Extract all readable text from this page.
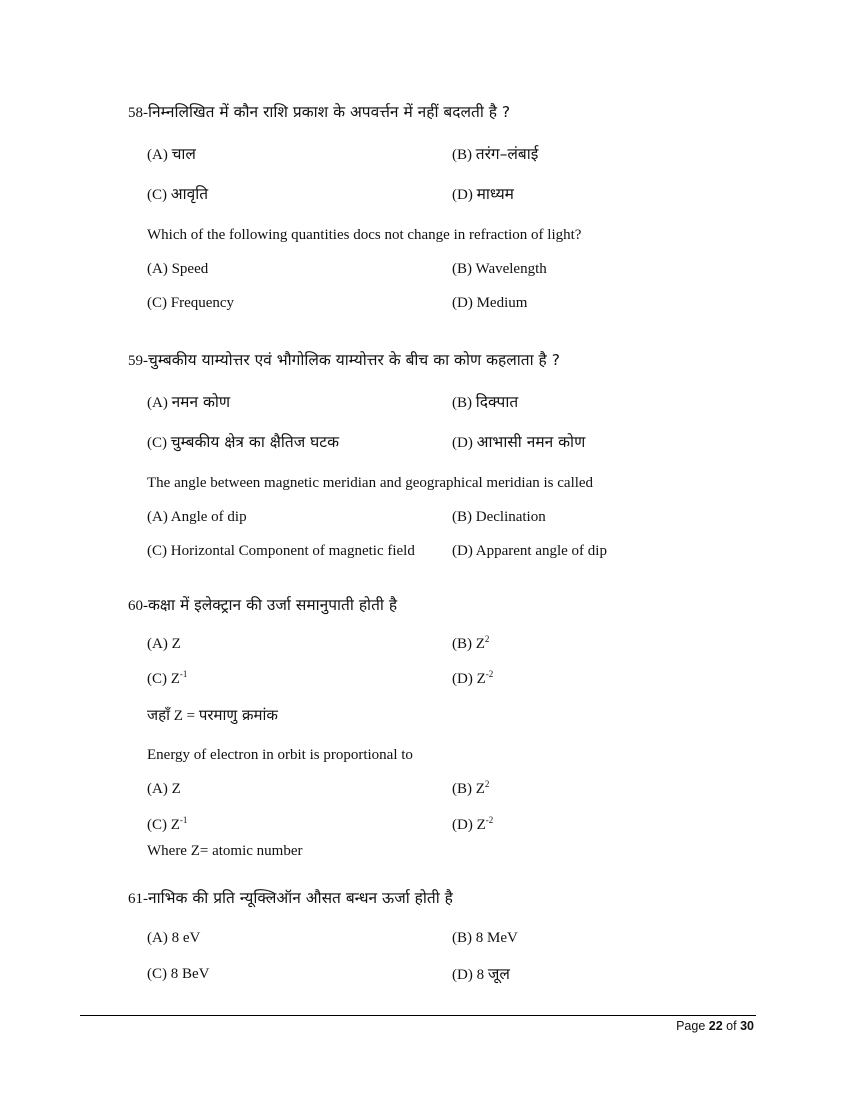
58-निम्नलिखित में कौन राशि प्रकाश के अपवर्त्तन में नहीं बदलती है ?
(A) चाल	(B) तरंग–लंबाई
(C) आवृति	(D) माध्यम
Which of the following quantities docs not change in refraction of light?
(A) Speed	(B) Wavelength
(C) Frequency	(D) Medium
59-चुम्बकीय याम्योत्तर एवं भौगोलिक याम्योत्तर के बीच का कोण कहलाता है ?
(A) नमन कोण	(B) दिक्पात
(C) चुम्बकीय क्षेत्र का क्षैतिज घटक	(D) आभासी नमन कोण
The angle between magnetic meridian and geographical meridian is called
(A) Angle of dip	(B) Declination
(C) Horizontal Component of magnetic field (D) Apparent angle of dip
60-कक्षा में इलेक्ट्रान की उर्जा समानुपाती होती है
(A) Z	(B) $Z^2$
(C) $Z^{-1}$	(D) $Z^{-2}$
जहाँ Z = परमाणु क्रमांक
Energy of electron in orbit is proportional to
(A) Z	(B) $Z^2$
(C) $Z^{-1}$	(D) $Z^{-2}$
Where Z= atomic number
61-नाभिक की प्रति न्यूक्लिऑन औसत बन्धन ऊर्जा होती है
(A) 8 eV	(B) 8 MeV
(C) 8 BeV	(D) 8 जूल
Page 22 of 30
